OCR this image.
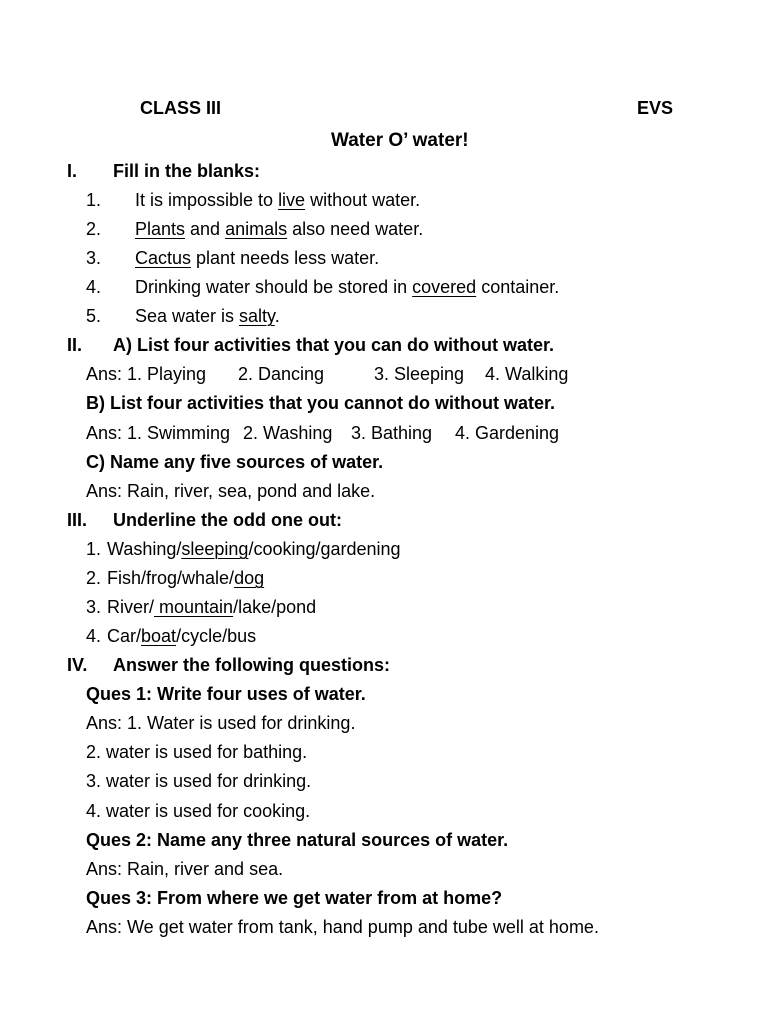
CLASS III	EVS
Water O’ water!
I. Fill in the blanks:
1. It is impossible to live without water.
2. Plants and animals also need water.
3. Cactus plant needs less water.
4. Drinking water should be stored in covered container.
5. Sea water is salty.
II. A) List four activities that you can do without water.
Ans: 1. Playing 2. Dancing	3. Sleeping 4. Walking
B) List four activities that you cannot do without water.
Ans: 1. Swimming 2. Washing 3. Bathing 4. Gardening
C) Name any five sources of water.
Ans: Rain, river, sea, pond and lake.
III. Underline the odd one out:
1. Washing/sleeping/cooking/gardening
2. Fish/frog/whale/dog
3. River/ mountain/lake/pond
4. Car/boat/cycle/bus
IV. Answer the following questions:
Ques 1: Write four uses of water.
Ans: 1. Water is used for drinking.
2. water is used for bathing.
3. water is used for drinking.
4. water is used for cooking.
Ques 2: Name any three natural sources of water.
Ans: Rain, river and sea.
Ques 3: From where we get water from at home?
Ans: We get water from tank, hand pump and tube well at home.
